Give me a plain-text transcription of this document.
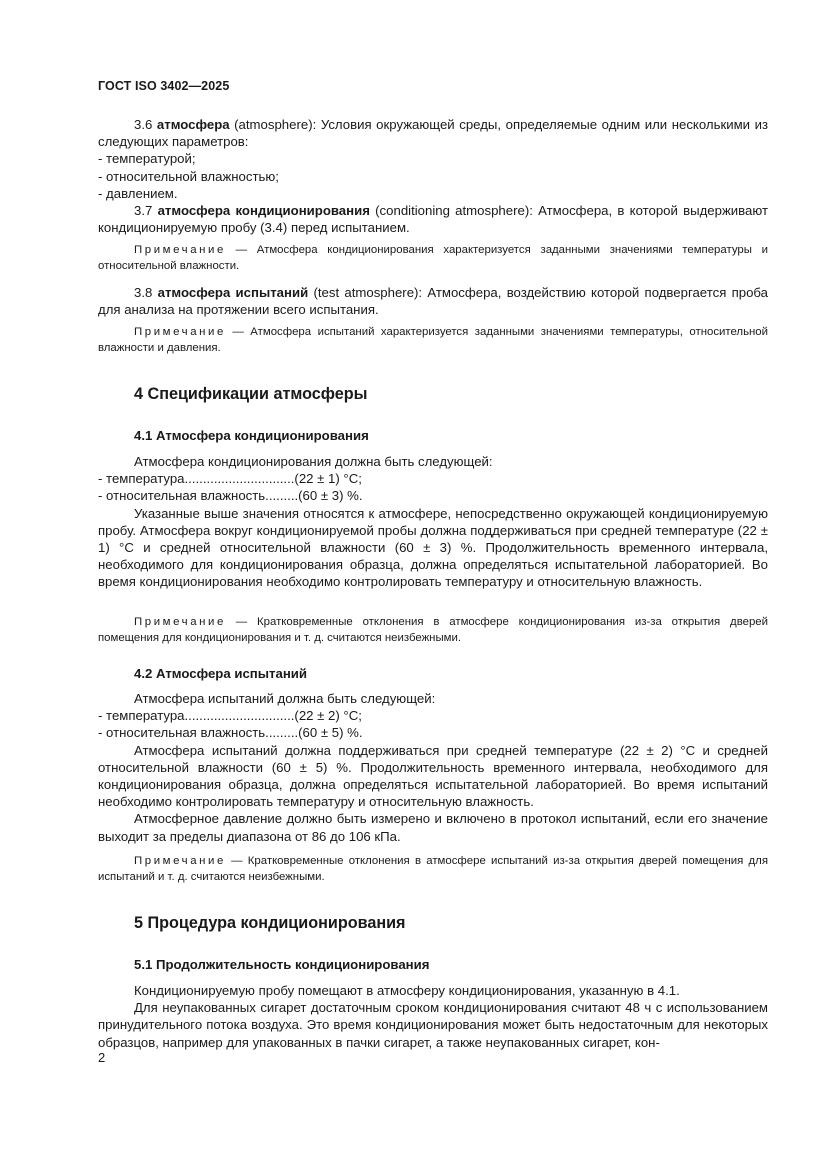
ГОСТ ISO 3402—2025

3.6 атмосфера (atmosphere): Условия окружающей среды, определяемые одним или несколькими из следующих параметров:

- температурой;

- относительной влажностью;

- давлением.

3.7 атмосфера кондиционирования (conditioning atmosphere): Атмосфера, в которой выдерживают кондиционируемую пробу (3.4) перед испытанием.

Примечание — Атмосфера кондиционирования характеризуется заданными значениями температуры и относительной влажности.

3.8 атмосфера испытаний (test atmosphere): Атмосфера, воздействию которой подвергается проба для анализа на протяжении всего испытания.

Примечание — Атмосфера испытаний характеризуется заданными значениями температуры, относительной влажности и давления.

4 Спецификации атмосферы

4.1 Атмосфера кондиционирования

Атмосфера кондиционирования должна быть следующей:

- температура..............................(22 ± 1) °С;

- относительная влажность.........(60 ± 3) %.

Указанные выше значения относятся к атмосфере, непосредственно окружающей кондиционируемую пробу. Атмосфера вокруг кондиционируемой пробы должна поддерживаться при средней температуре (22 ± 1) °С и средней относительной влажности (60 ± 3) %. Продолжительность временного интервала, необходимого для кондиционирования образца, должна определяться испытательной лабораторией. Во время кондиционирования необходимо контролировать температуру и относительную влажность.

Примечание — Кратковременные отклонения в атмосфере кондиционирования из-за открытия дверей помещения для кондиционирования и т. д. считаются неизбежными.

4.2 Атмосфера испытаний

Атмосфера испытаний должна быть следующей:

- температура..............................(22 ± 2) °С;

- относительная влажность.........(60 ± 5) %.

Атмосфера испытаний должна поддерживаться при средней температуре (22 ± 2) °С и средней относительной влажности (60 ± 5) %. Продолжительность временного интервала, необходимого для кондиционирования образца, должна определяться испытательной лабораторией. Во время испытаний необходимо контролировать температуру и относительную влажность.

Атмосферное давление должно быть измерено и включено в протокол испытаний, если его значение выходит за пределы диапазона от 86 до 106 кПа.

Примечание — Кратковременные отклонения в атмосфере испытаний из-за открытия дверей помещения для испытаний и т. д. считаются неизбежными.

5 Процедура кондиционирования

5.1 Продолжительность кондиционирования

Кондиционируемую пробу помещают в атмосферу кондиционирования, указанную в 4.1.

Для неупакованных сигарет достаточным сроком кондиционирования считают 48 ч с использованием принудительного потока воздуха. Это время кондиционирования может быть недостаточным для некоторых образцов, например для упакованных в пачки сигарет, а также неупакованных сигарет, кон-

2
